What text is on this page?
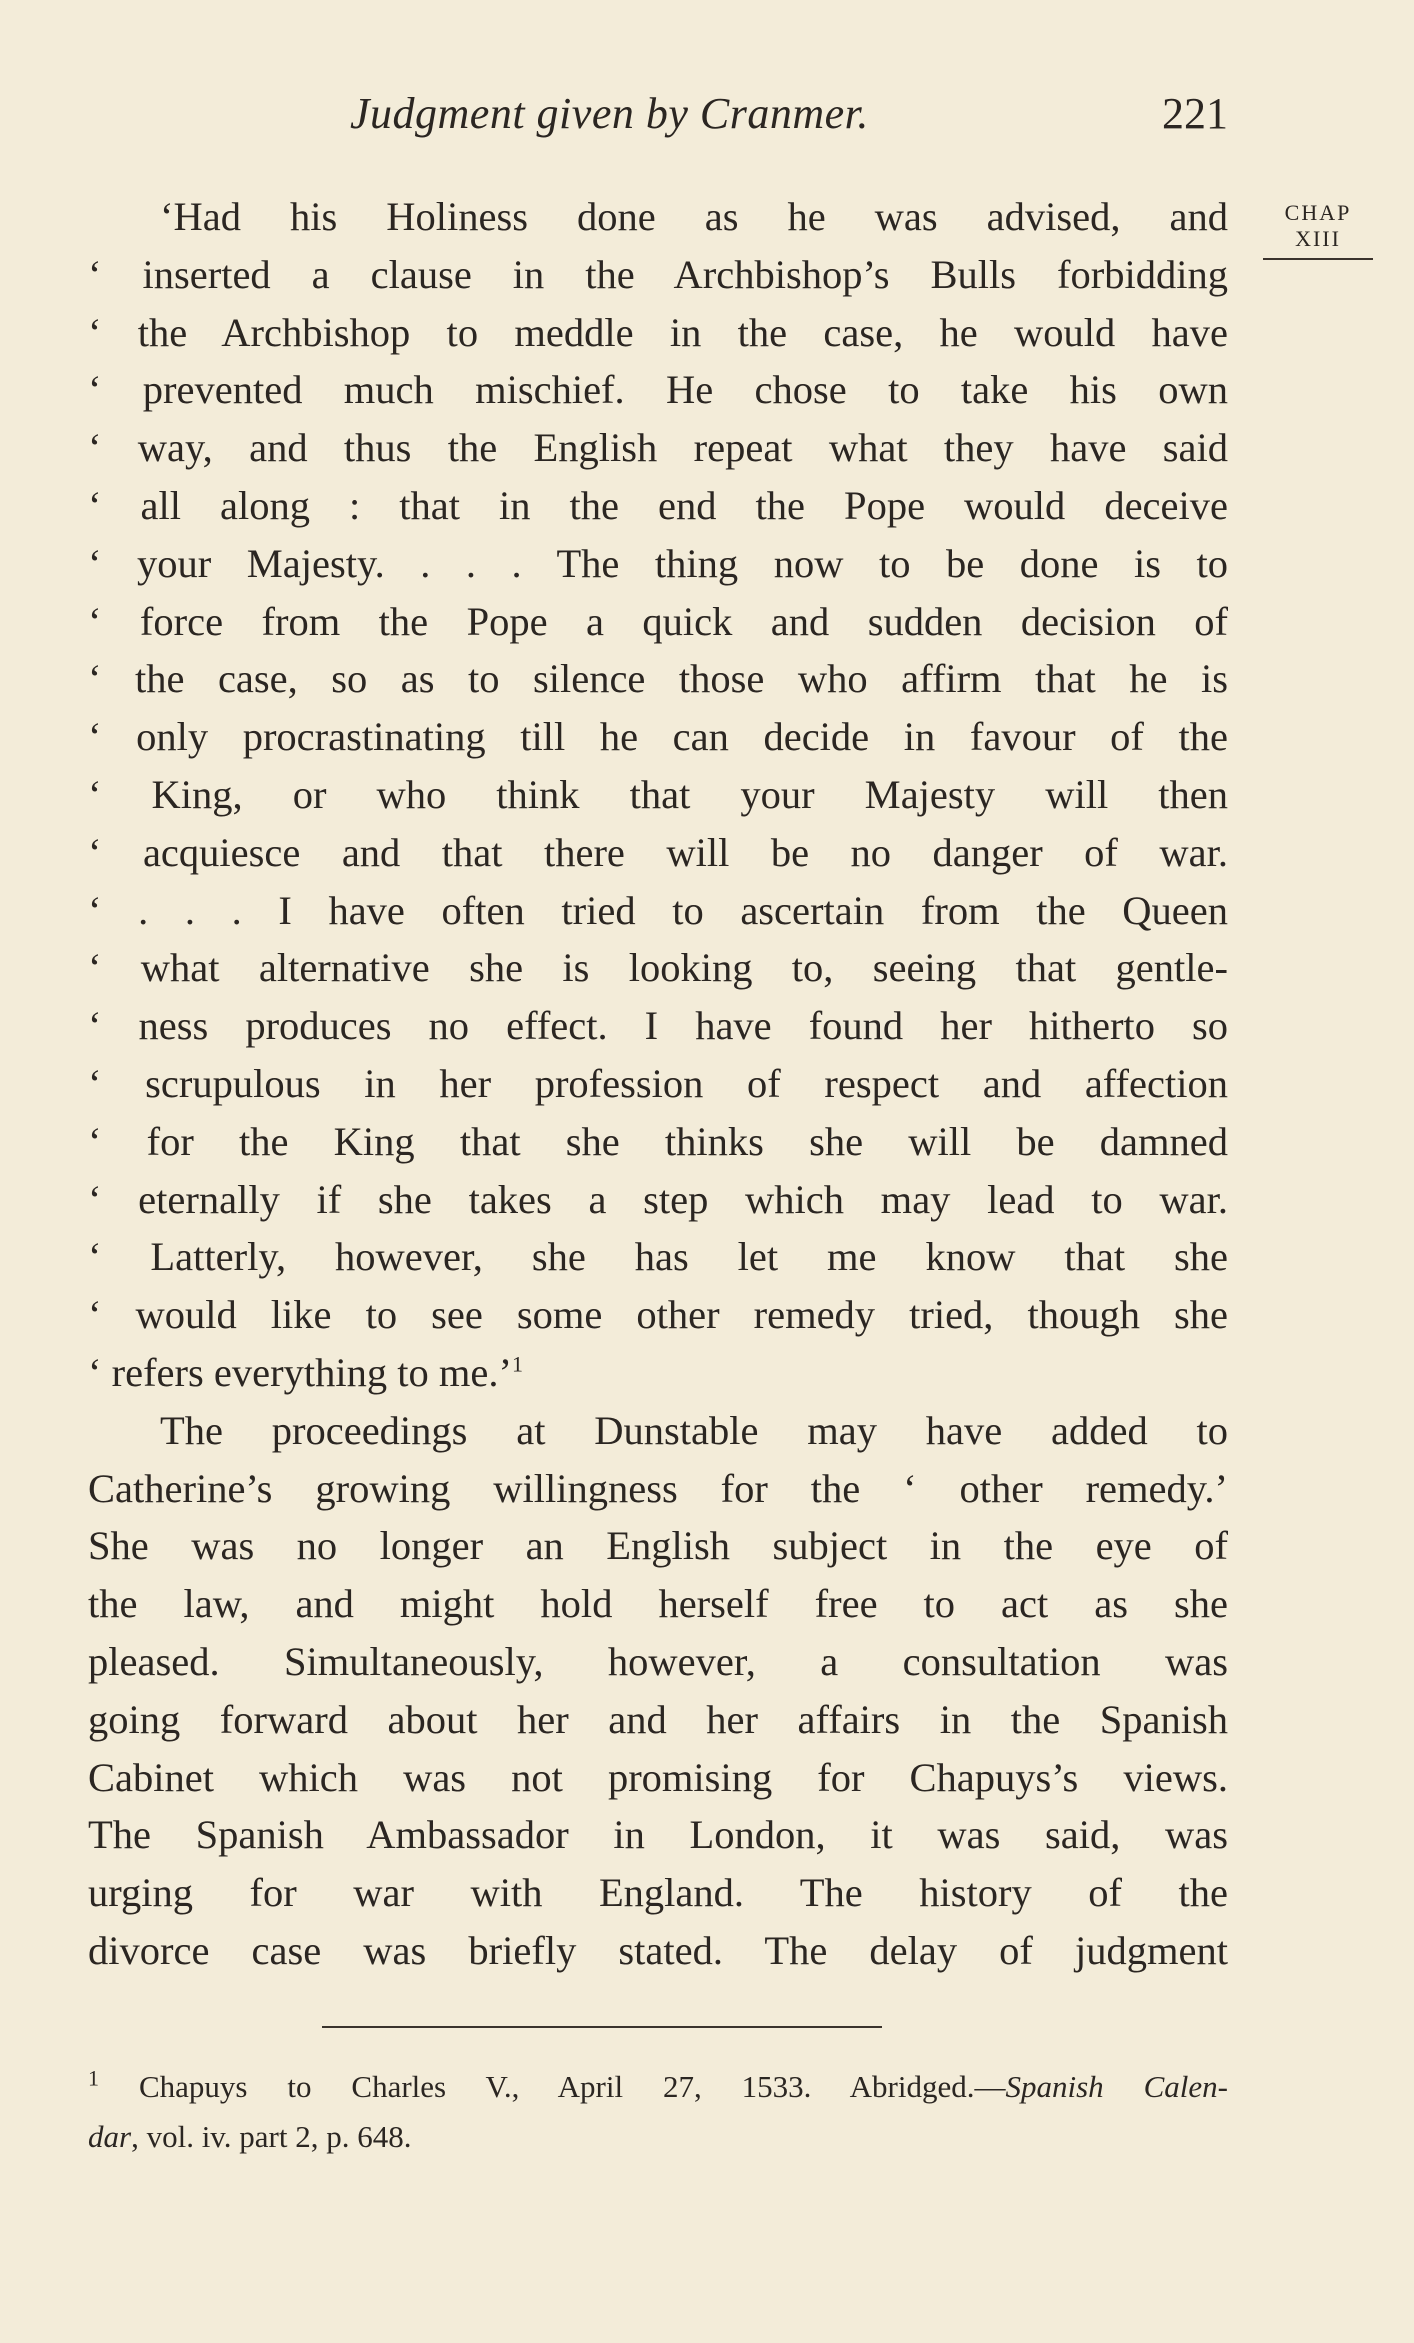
Judgment given by Cranmer.	221
CHAP
XIII
‘Had his Holiness done as he was advised, and
‘ inserted a clause in the Archbishop’s Bulls forbidding
‘ the Archbishop to meddle in the case, he would have
‘ prevented much mischief. He chose to take his own
‘ way, and thus the English repeat what they have said
‘ all along : that in the end the Pope would deceive
‘ your Majesty. . . . The thing now to be done is to
‘ force from the Pope a quick and sudden decision of
‘ the case, so as to silence those who affirm that he is
‘ only procrastinating till he can decide in favour of the
‘ King, or who think that your Majesty will then
‘ acquiesce and that there will be no danger of war.
‘ . . . I have often tried to ascertain from the Queen
‘ what alternative she is looking to, seeing that gentle-
‘ ness produces no effect. I have found her hitherto so
‘ scrupulous in her profession of respect and affection
‘ for the King that she thinks she will be damned
‘ eternally if she takes a step which may lead to war.
‘ Latterly, however, she has let me know that she
‘ would like to see some other remedy tried, though she
‘ refers everything to me.’$^1$
The proceedings at Dunstable may have added to
Catherine’s growing willingness for the ‘ other remedy.’
She was no longer an English subject in the eye of
the law, and might hold herself free to act as she
pleased. Simultaneously, however, a consultation was
going forward about her and her affairs in the Spanish
Cabinet which was not promising for Chapuys’s views.
The Spanish Ambassador in London, it was said, was
urging for war with England. The history of the
divorce case was briefly stated. The delay of judgment
$^1$ Chapuys to Charles V., April 27, 1533. Abridged.—Spanish Calen-
dar, vol. iv. part 2, p. 648.
